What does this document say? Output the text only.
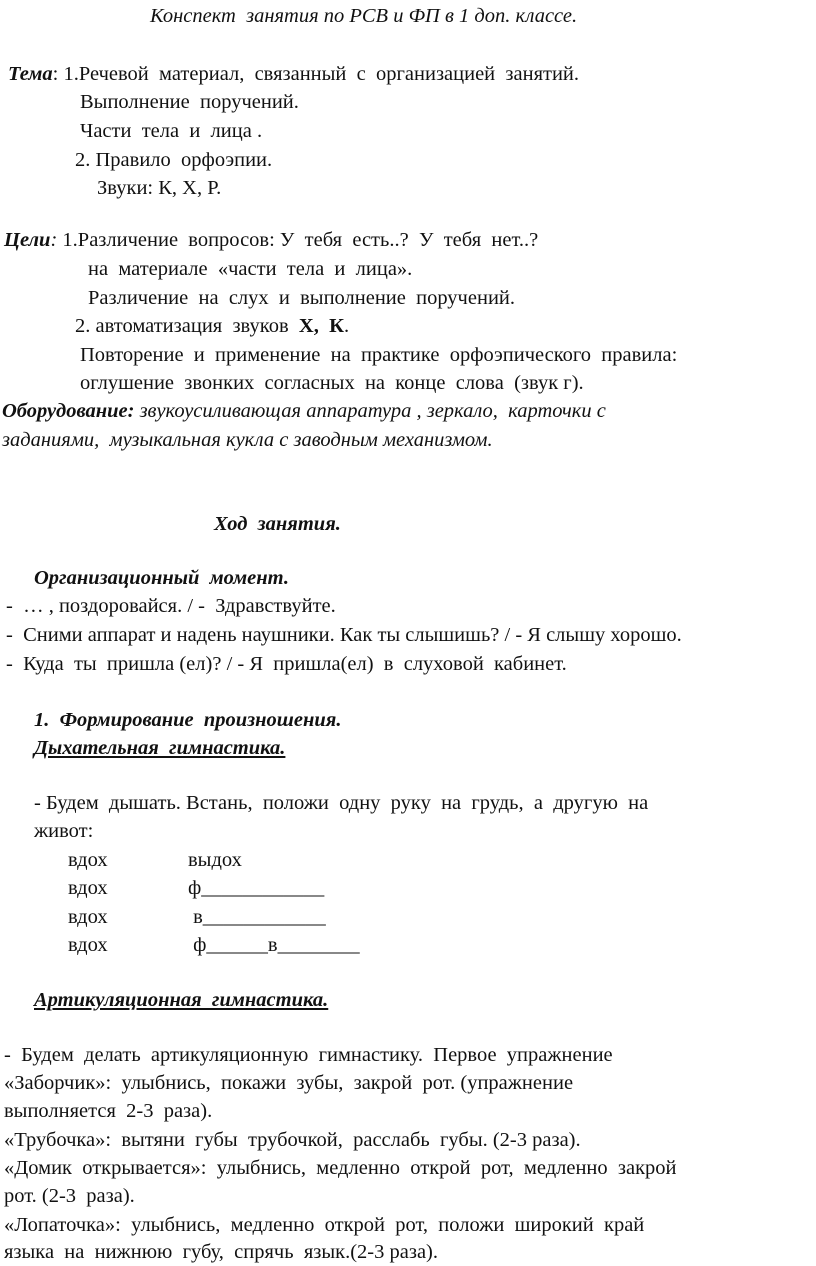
Конспект  занятия по РСВ и ФП в 1 доп. классе.
Тема: 1.Речевой  материал,  связанный  с  организацией  занятий.
Выполнение  поручений.
Части  тела  и  лица .
2. Правило  орфоэпии.
Звуки: К, Х, Р.
Цели: 1.Различение  вопросов: У  тебя  есть..?  У  тебя  нет..?
на  материале  «части  тела  и  лица».
Различение  на  слух  и  выполнение  поручений.
2. автоматизация  звуков  Х,  К.
Повторение  и  применение  на  практике  орфоэпического  правила:
оглушение  звонких  согласных  на  конце  слова  (звук г).
Оборудование: звукоусиливающая аппаратура , зеркало,  карточки с
заданиями,  музыкальная кукла с заводным механизмом.
Ход  занятия.
Организационный  момент.
-  … , поздоровайся. / -  Здравствуйте.
-  Сними аппарат и надень наушники. Как ты слышишь? / - Я слышу хорошо.
-  Куда  ты  пришла (ел)? / - Я  пришла(ел)  в  слуховой  кабинет.
1.  Формирование  произношения.
Дыхательная  гимнастика.
- Будем  дышать. Встань,  положи  одну  руку  на  грудь,  а  другую  на
живот:
вдох	выдох
вдох	ф____________
вдох	в____________
вдох	ф______в________
Артикуляционная  гимнастика.
-  Будем  делать  артикуляционную  гимнастику.  Первое  упражнение
«Заборчик»:  улыбнись,  покажи  зубы,  закрой  рот. (упражнение
выполняется  2-3  раза).
«Трубочка»:  вытяни  губы  трубочкой,  расслабь  губы. (2-3 раза).
«Домик  открывается»:  улыбнись,  медленно  открой  рот,  медленно  закрой
рот. (2-3  раза).
«Лопаточка»:  улыбнись,  медленно  открой  рот,  положи  широкий  край
языка  на  нижнюю  губу,  спрячь  язык.(2-3 раза).
